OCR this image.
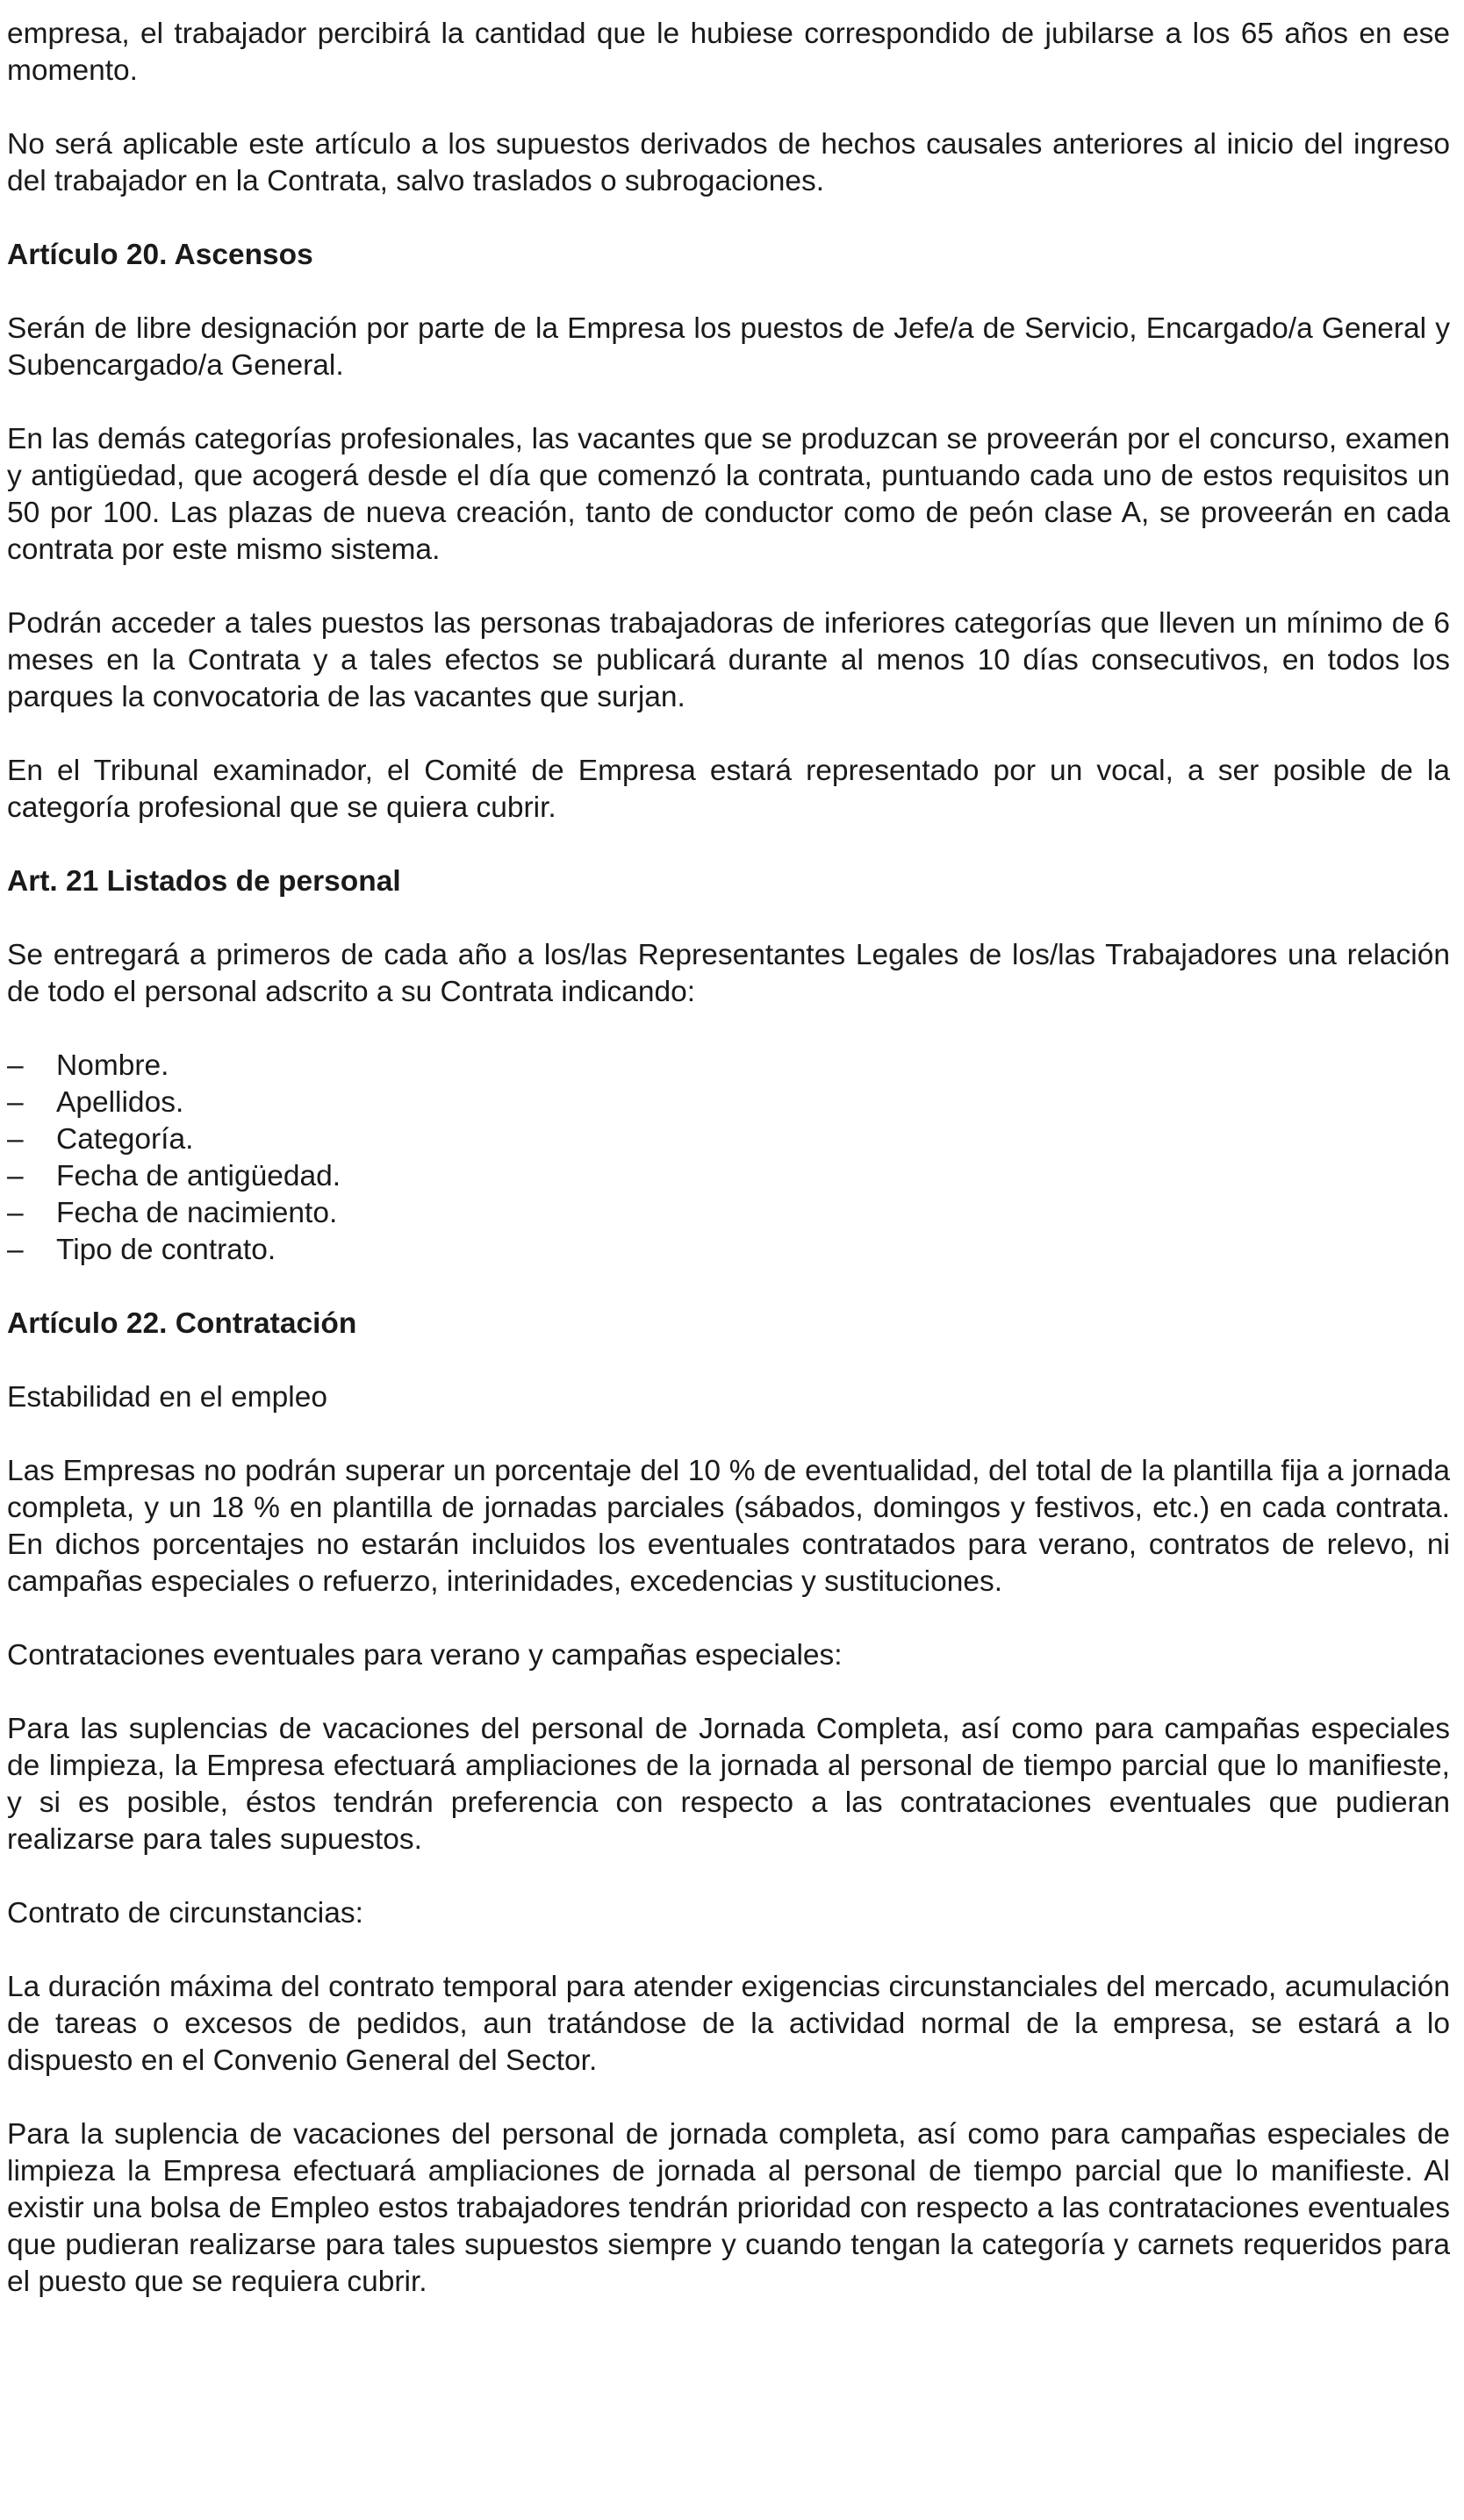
empresa, el trabajador percibirá la cantidad que le hubiese correspondido de jubilarse a los 65 años en ese momento.

No será aplicable este artículo a los supuestos derivados de hechos causales anteriores al inicio del ingreso del trabajador en la Contrata, salvo traslados o subrogaciones.

Artículo 20. Ascensos

Serán de libre designación por parte de la Empresa los puestos de Jefe/a de Servicio, Encargado/a General y Subencargado/a General.

En las demás categorías profesionales, las vacantes que se produzcan se proveerán por el concurso, examen y antigüedad, que acogerá desde el día que comenzó la contrata, puntuando cada uno de estos requisitos un 50 por 100. Las plazas de nueva creación, tanto de conductor como de peón clase A, se proveerán en cada contrata por este mismo sistema.

Podrán acceder a tales puestos las personas trabajadoras de inferiores categorías que lleven un mínimo de 6 meses en la Contrata y a tales efectos se publicará durante al menos 10 días consecutivos, en todos los parques la convocatoria de las vacantes que surjan.

En el Tribunal examinador, el Comité de Empresa estará representado por un vocal, a ser posible de la categoría profesional que se quiera cubrir.

Art. 21 Listados de personal

Se entregará a primeros de cada año a los/las Representantes Legales de los/las Trabajadores una relación de todo el personal adscrito a su Contrata indicando:

– Nombre.
– Apellidos.
– Categoría.
– Fecha de antigüedad.
– Fecha de nacimiento.
– Tipo de contrato.
Artículo 22. Contratación

Estabilidad en el empleo

Las Empresas no podrán superar un porcentaje del 10 % de eventualidad, del total de la plantilla fija a jornada completa, y un 18 % en plantilla de jornadas parciales (sábados, domingos y festivos, etc.) en cada contrata. En dichos porcentajes no estarán incluidos los eventuales contratados para verano, contratos de relevo, ni campañas especiales o refuerzo, interinidades, excedencias y sustituciones.

Contrataciones eventuales para verano y campañas especiales:

Para las suplencias de vacaciones del personal de Jornada Completa, así como para campañas especiales de limpieza, la Empresa efectuará ampliaciones de la jornada al personal de tiempo parcial que lo manifieste, y si es posible, éstos tendrán preferencia con respecto a las contrataciones eventuales que pudieran realizarse para tales supuestos.

Contrato de circunstancias:

La duración máxima del contrato temporal para atender exigencias circunstanciales del mercado, acumulación de tareas o excesos de pedidos, aun tratándose de la actividad normal de la empresa, se estará a lo dispuesto en el Convenio General del Sector.

Para la suplencia de vacaciones del personal de jornada completa, así como para campañas especiales de limpieza la Empresa efectuará ampliaciones de jornada al personal de tiempo parcial que lo manifieste. Al existir una bolsa de Empleo estos trabajadores tendrán prioridad con respecto a las contrataciones eventuales que pudieran realizarse para tales supuestos siempre y cuando tengan la categoría y carnets requeridos para el puesto que se requiera cubrir.
